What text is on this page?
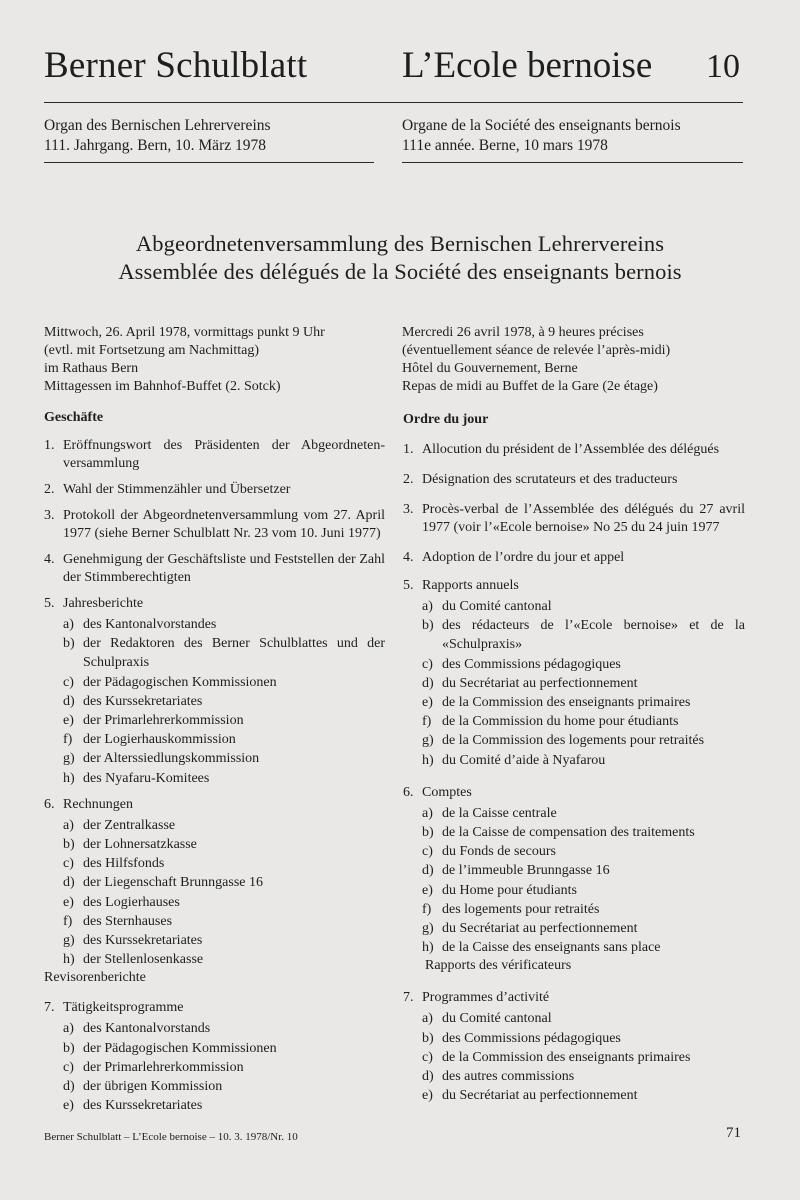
Berner Schulblatt	L’Ecole bernoise 10
Organ des Bernischen Lehrervereins
111. Jahrgang. Bern, 10. März 1978
Organe de la Société des enseignants bernois
111e année. Berne, 10 mars 1978
Abgeordnetenversammlung des Bernischen Lehrervereins
Assemblée des délégués de la Société des enseignants bernois
Mittwoch, 26. April 1978, vormittags punkt 9 Uhr
(evtl. mit Fortsetzung am Nachmittag)
im Rathaus Bern
Mittagessen im Bahnhof-Buffet (2. Sotck)
Mercredi 26 avril 1978, à 9 heures précises
(éventuellement séance de relevée l’après-midi)
Hôtel du Gouvernement, Berne
Repas de midi au Buffet de la Gare (2e étage)
Geschäfte
1. Eröffnungswort des Präsidenten der Abgeordnetenversammlung
2. Wahl der Stimmenzähler und Übersetzer
3. Protokoll der Abgeordnetenversammlung vom 27. April 1977 (siehe Berner Schulblatt Nr. 23 vom 10. Juni 1977)
4. Genehmigung der Geschäftsliste und Feststellen der Zahl der Stimmberechtigten
5. Jahresberichte
a) des Kantonalvorstandes
b) der Redaktoren des Berner Schulblattes und der Schulpraxis
c) der Pädagogischen Kommissionen
d) des Kurssekretariates
e) der Primarlehrerkommission
f) der Logierhauskommission
g) der Alterssiedlungskommission
h) des Nyafaru-Komitees
6. Rechnungen
a) der Zentralkasse
b) der Lohnersatzkasse
c) des Hilfsfonds
d) der Liegenschaft Brunngasse 16
e) des Logierhauses
f) des Sternhauses
g) des Kurssekretariates
h) der Stellenlosenkasse
Revisorenberichte
7. Tätigkeitsprogramme
a) des Kantonalvorstands
b) der Pädagogischen Kommissionen
c) der Primarlehrerkommission
d) der übrigen Kommission
e) des Kurssekretariates
Ordre du jour
1. Allocution du président de l’Assemblée des délégués
2. Désignation des scrutateurs et des traducteurs
3. Procès-verbal de l’Assemblée des délégués du 27 avril 1977 (voir l’«Ecole bernoise» No 25 du 24 juin 1977
4. Adoption de l’ordre du jour et appel
5. Rapports annuels
a) du Comité cantonal
b) des rédacteurs de l’«Ecole bernoise» et de la «Schulpraxis»
c) des Commissions pédagogiques
d) du Secrétariat au perfectionnement
e) de la Commission des enseignants primaires
f) de la Commission du home pour étudiants
g) de la Commission des logements pour retraités
h) du Comité d’aide à Nyafarou
6. Comptes
a) de la Caisse centrale
b) de la Caisse de compensation des traitements
c) du Fonds de secours
d) de l’immeuble Brunngasse 16
e) du Home pour étudiants
f) des logements pour retraités
g) du Secrétariat au perfectionnement
h) de la Caisse des enseignants sans place
Rapports des vérificateurs
7. Programmes d’activité
a) du Comité cantonal
b) des Commissions pédagogiques
c) de la Commission des enseignants primaires
d) des autres commissions
e) du Secrétariat au perfectionnement
Berner Schulblatt – L’Ecole bernoise – 10. 3. 1978/Nr. 10	71
